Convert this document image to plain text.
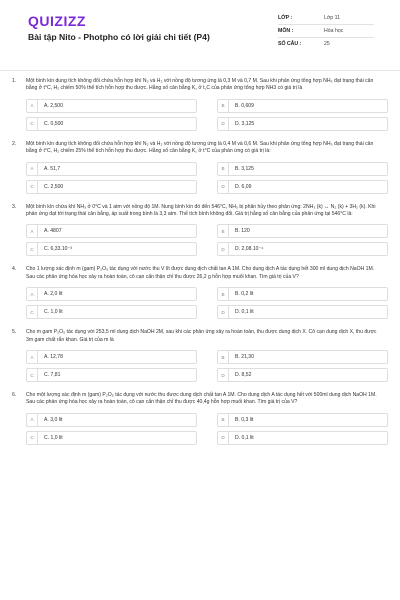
QUIZIZZ
Bài tập Nito - Photpho có lời giải chi tiết (P4)
LỚP :	Lớp 11
MÔN :	Hóa học
SỐ CÂU :	25
1.	Một bình kín dung tích không đổi chứa hỗn hợp khí N₂ và H₂ với nồng độ tương ứng là 0,3 M và 0,7 M. Sau khi phản ứng tổng hợp NH₃ đạt trạng thái cân bằng ở t°C, H₂ chiếm 50% thể tích hỗn hợp thu được. Hằng số cân bằng K꜀ ở t꜀C của phản ứng tổng hợp NH3 có giá trị là
A	A. 2,500	B	B. 0,609
C	C. 0,500	D	D. 3,125
2.	Một bình kín dung tích không đổi chứa hỗn hợp khí N₂ và H₂ với nồng độ tương ứng là 0,4 M và 0,6 M. Sau khi phản ứng tổng hợp NH₃ đạt trạng thái cân bằng ở t°C, H₂ chiếm 25% thể tích hỗn hợp thu được. Hằng số cân bằng K꜀ ở t°C của phản ứng có giá trị là:
A	A. 51,7	B	B. 3,125
C	C. 2,500	D	D. 6,09
3.	Một bình kín chứa khí NH₃ ở 0°C và 1 atm với nồng độ 1M. Nung bình kín đó đến 546°C, NH₃ bị phân hủy theo phản ứng: 2NH₃ (k) ↔ N₂ (k) + 3H₂ (k). Khi phản ứng đạt tới trạng thái cân bằng, áp suất trong bình là 3,3 atm. Thể tích bình không đổi. Giá trị hằng số cân bằng của phản ứng tại 546°C là:
A	A. 4807	B	B. 120
C	C. 6,33.10⁻³	D	D. 2,08.10⁻⁴
4.	Cho 1 lượng xác định m (gam) P₂O₅ tác dụng với nước thu V lít được dung dịch chất tan A 1M. Cho dung dịch A tác dụng hết 300 ml dung dịch NaOH 1M. Sau các phản ứng hóa học xảy ra hoàn toàn, cô cạn cẩn thận chỉ thu được 26,2 g hỗn hợp muối khan. Tìm giá trị của V?
A	A. 2,0 lit	B	B. 0,2 lit
C	C. 1,0 lit	D	D. 0,1 lit
5.	Cho m gam P₂O₅ tác dụng với 253,5 ml dung dịch NaOH 2M, sau khi các phản ứng xảy ra hoàn toàn, thu được dung dịch X. Cô cạn dung dịch X, thu được 3m gam chất rắn khan. Giá trị của m là
A	A. 12,78	B	B. 21,30
C	C. 7,81	D	D. 8,52
6.	Cho một lượng xác định m (gam) P₂O₅ tác dụng với nước thu được dung dịch chất tan A 1M. Cho dung dịch A tác dụng hết với 500ml dung dịch NaOH 1M. Sau các phản ứng hóa học xảy ra hoàn toàn, cô cạn cẩn thận chỉ thu được 40,4g hỗn hợp muối khan. Tìm giá trị của V?
A	A. 3,0 lit	B	B. 0,3 lit
C	C. 1,0 lit	D	D. 0,1 lit
